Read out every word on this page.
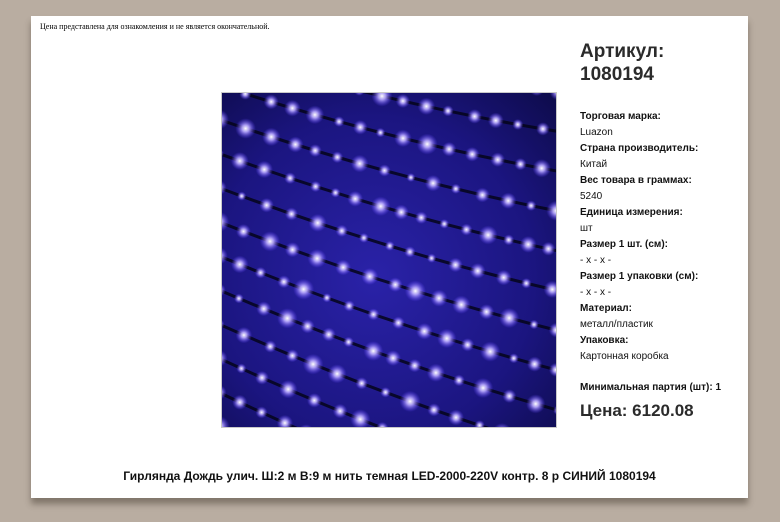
Цена представлена для ознакомления и не является окончательной.
Артикул:
1080194
Торговая марка:
Luazon
Страна производитель:
Китай
Вес товара в граммах:
5240
Единица измерения:
шт
Размер 1 шт. (см):
- x - x -
Размер 1 упаковки (см):
- x - x -
Материал:
металл/пластик
Упаковка:
Картонная коробка
Минимальная партия (шт): 1
Цена: 6120.08
Гирлянда Дождь улич. Ш:2 м В:9 м нить темная LED-2000-220V контр. 8 р СИНИЙ 1080194
